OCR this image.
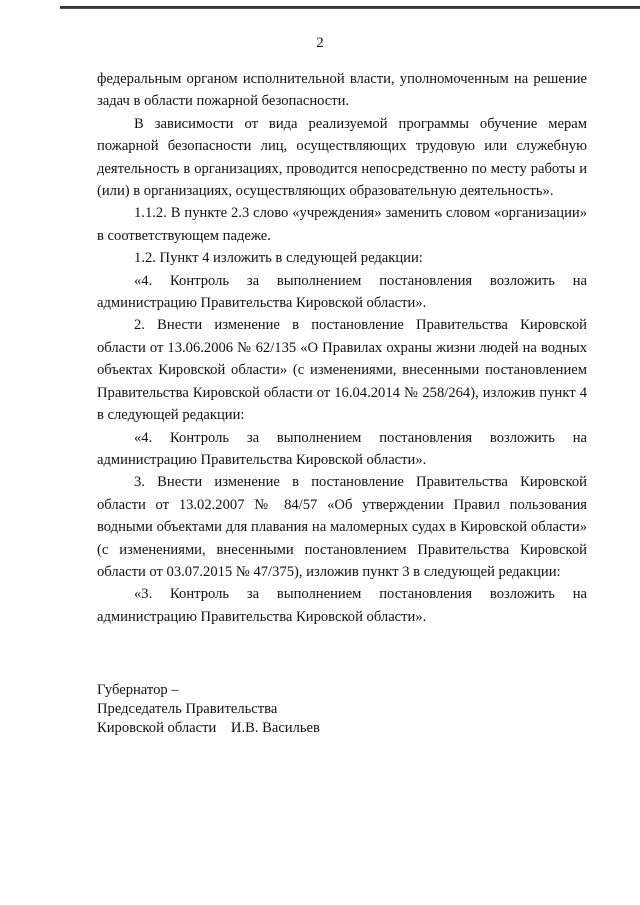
2

федеральным органом исполнительной власти, уполномоченным на решение задач в области пожарной безопасности.

В зависимости от вида реализуемой программы обучение мерам пожарной безопасности лиц, осуществляющих трудовую или служебную деятельность в организациях, проводится непосредственно по месту работы и (или) в организациях, осуществляющих образовательную деятельность».

1.1.2. В пункте 2.3 слово «учреждения» заменить словом «организации» в соответствующем падеже.

1.2. Пункт 4 изложить в следующей редакции:

«4. Контроль за выполнением постановления возложить на администрацию Правительства Кировской области».

2. Внести изменение в постановление Правительства Кировской области от 13.06.2006 № 62/135 «О Правилах охраны жизни людей на водных объектах Кировской области» (с изменениями, внесенными постановлением Правительства Кировской области от 16.04.2014 № 258/264), изложив пункт 4 в следующей редакции:

«4. Контроль за выполнением постановления возложить на администрацию Правительства Кировской области».

3. Внести изменение в постановление Правительства Кировской области от 13.02.2007 № 84/57 «Об утверждении Правил пользования водными объектами для плавания на маломерных судах в Кировской области» (с изменениями, внесенными постановлением Правительства Кировской области от 03.07.2015 № 47/375), изложив пункт 3 в следующей редакции:

«3. Контроль за выполнением постановления возложить на администрацию Правительства Кировской области».

Губернатор –
Председатель Правительства
Кировской области    И.В. Васильев
